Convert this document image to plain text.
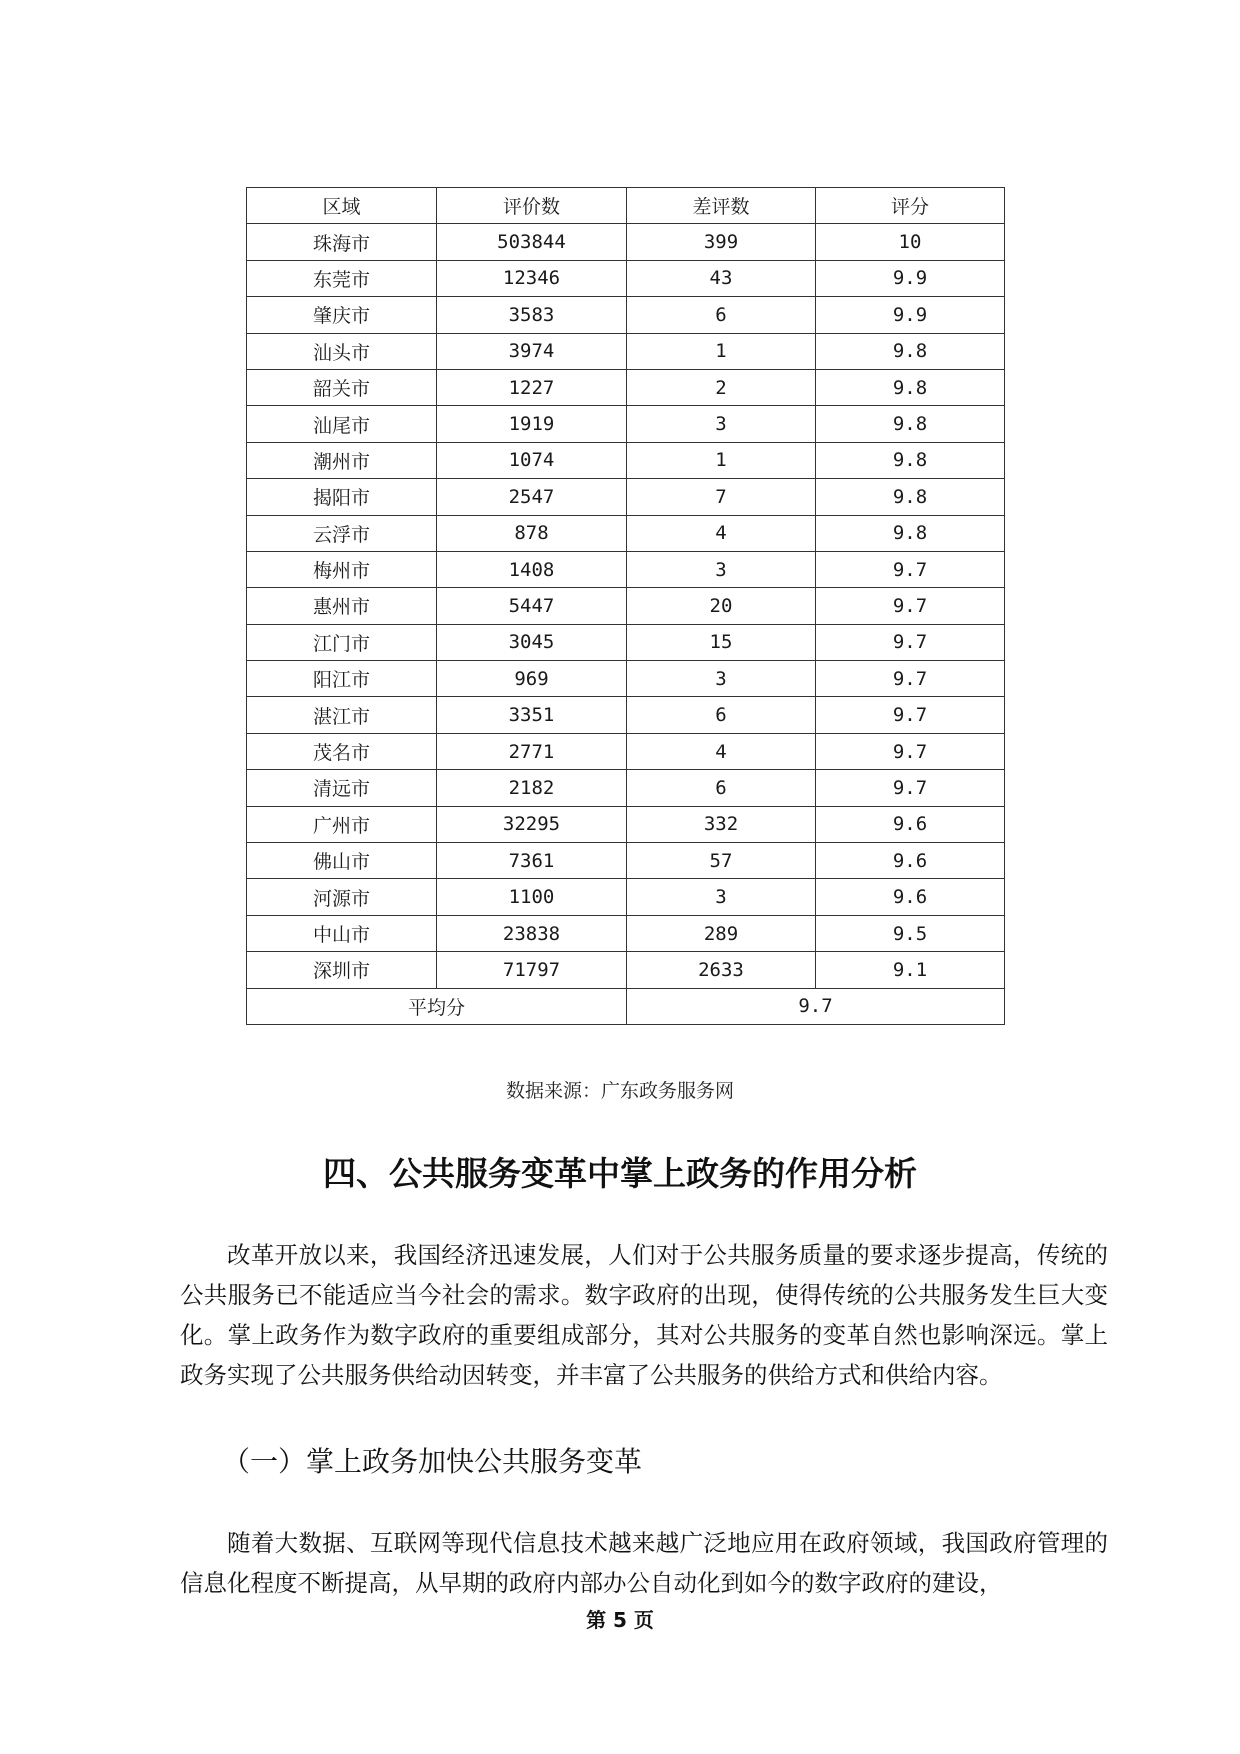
区域	评价数	差评数	评分
珠海市	503844	399	10
东莞市	12346	43	9.9
肇庆市	3583	6	9.9
汕头市	3974	1	9.8
韶关市	1227	2	9.8
汕尾市	1919	3	9.8
潮州市	1074	1	9.8
揭阳市	2547	7	9.8
云浮市	878	4	9.8
梅州市	1408	3	9.7
惠州市	5447	20	9.7
江门市	3045	15	9.7
阳江市	969	3	9.7
湛江市	3351	6	9.7
茂名市	2771	4	9.7
清远市	2182	6	9.7
广州市	32295	332	9.6
佛山市	7361	57	9.6
河源市	1100	3	9.6
中山市	23838	289	9.5
深圳市	71797	2633	9.1
平均分		9.7	
数据来源：广东政务服务网
四、公共服务变革中掌上政务的作用分析

改革开放以来，我国经济迅速发展，人们对于公共服务质量的要求逐步提高，传统的公共服务已不能适应当今社会的需求。数字政府的出现，使得传统的公共服务发生巨大变化。掌上政务作为数字政府的重要组成部分，其对公共服务的变革自然也影响深远。掌上政务实现了公共服务供给动因转变，并丰富了公共服务的供给方式和供给内容。

（一）掌上政务加快公共服务变革

随着大数据、互联网等现代信息技术越来越广泛地应用在政府领域，我国政府管理的信息化程度不断提高，从早期的政府内部办公自动化到如今的数字政府的建设，

第 5 页
